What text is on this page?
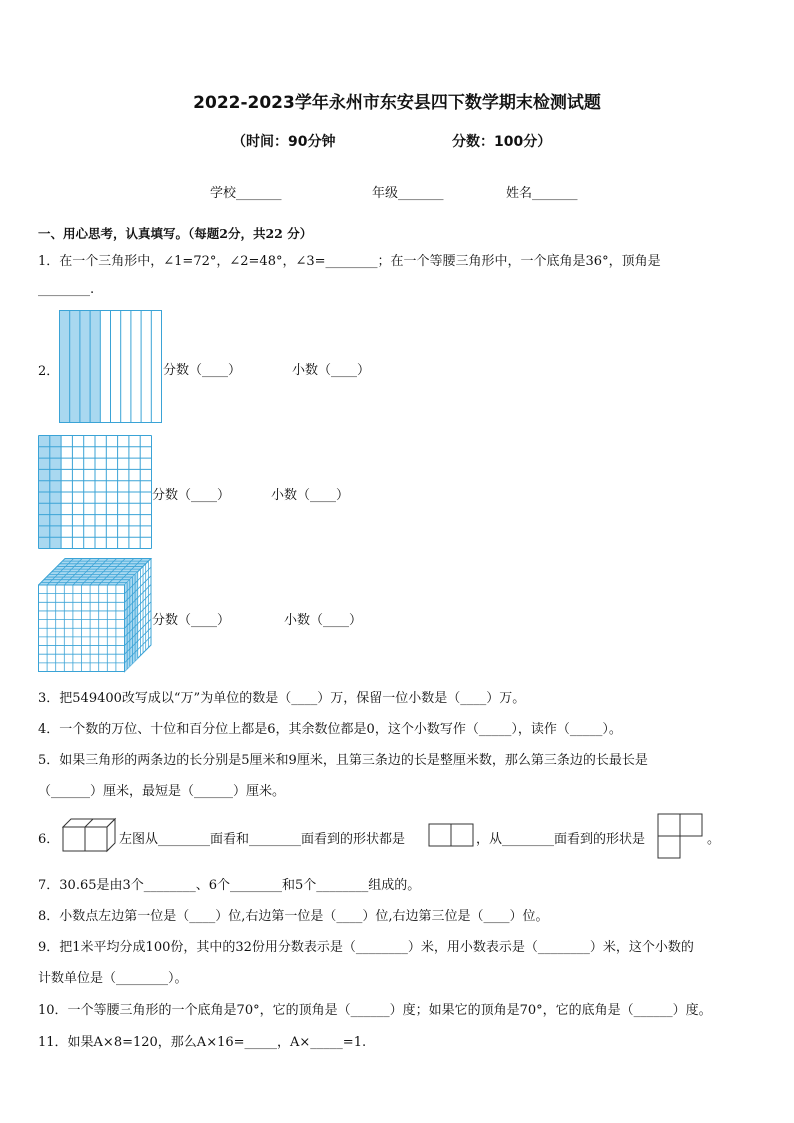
2022-2023学年永州市东安县四下数学期末检测试题
（时间：90分钟	分数：100分）
学校_______	年级_______	姓名_______
一、用心思考，认真填写。（每题2分，共22 分）
1．在一个三角形中，∠1=72°，∠2=48°，∠3=________；在一个等腰三角形中，一个底角是36°，顶角是
________.
2．	分数（____）	小数（____）
分数（____）	小数（____）
分数（____）	小数（____）
3．把549400改写成以“万”为单位的数是（____）万，保留一位小数是（____）万。
4．一个数的万位、十位和百分位上都是6，其余数位都是0，这个小数写作（_____），读作（_____）。
5．如果三角形的两条边的长分别是5厘米和9厘米，且第三条边的长是整厘米数，那么第三条边的长最长是
（______）厘米，最短是（______）厘米。
6．	左图从________面看和________面看到的形状都是	，从________面看到的形状是	。
7．30.65是由3个________、6个________和5个________组成的。
8．小数点左边第一位是（____）位,右边第一位是（____）位,右边第三位是（____）位。
9．把1米平均分成100份，其中的32份用分数表示是（________）米，用小数表示是（________）米，这个小数的
计数单位是（________）。
10．一个等腰三角形的一个底角是70°，它的顶角是（______）度；如果它的顶角是70°，它的底角是（______）度。
11．如果A×8=120，那么A×16=_____，A×_____=1.
